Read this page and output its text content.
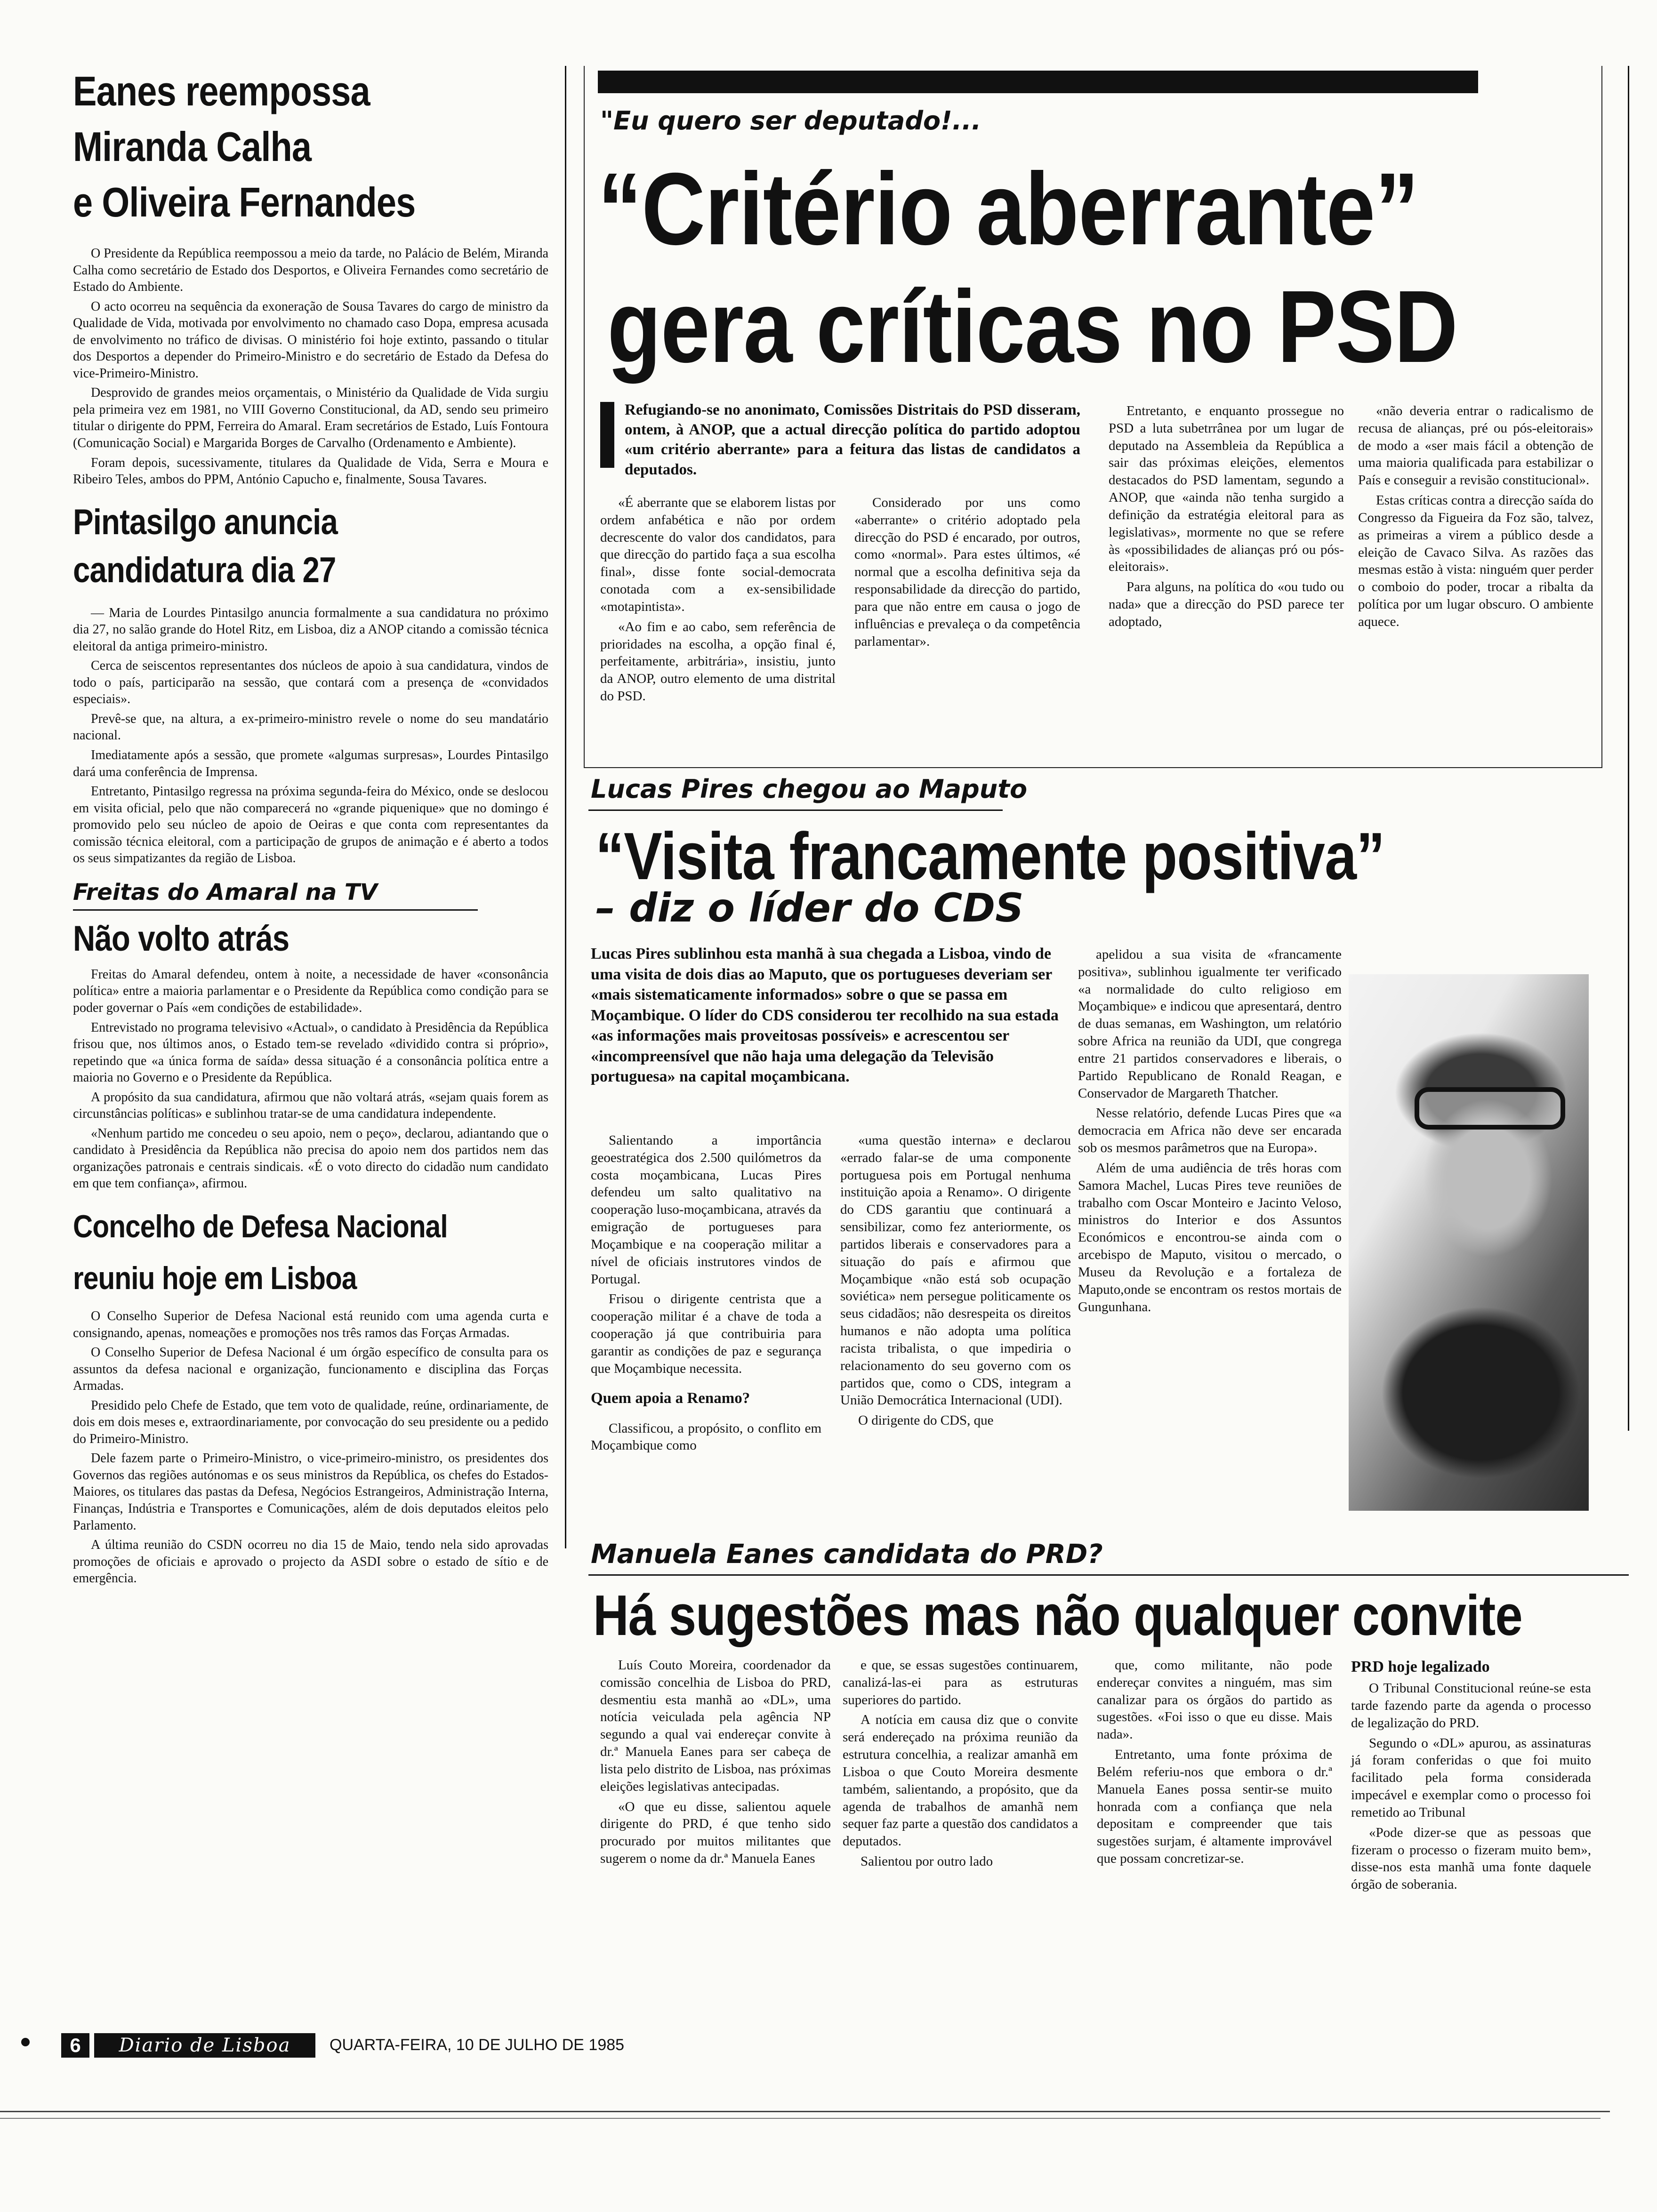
Eanes reempossa
Miranda Calha
e Oliveira Fernandes

O Presidente da República reempossou a meio da tarde, no Palácio de Belém, Miranda Calha como secretário de Estado dos Desportos, e Oliveira Fernandes como secretário de Estado do Ambiente.

O acto ocorreu na sequência da exoneração de Sousa Tavares do cargo de ministro da Qualidade de Vida, motivada por envolvimento no chamado caso Dopa, empresa acusada de envolvimento no tráfico de divisas. O ministério foi hoje extinto, passando o titular dos Desportos a depender do Primeiro-Ministro e do secretário de Estado da Defesa do vice-Primeiro-Ministro.

Desprovido de grandes meios orçamentais, o Ministério da Qualidade de Vida surgiu pela primeira vez em 1981, no VIII Governo Constitucional, da AD, sendo seu primeiro titular o dirigente do PPM, Ferreira do Amaral. Eram secretários de Estado, Luís Fontoura (Comunicação Social) e Margarida Borges de Carvalho (Ordenamento e Ambiente).

Foram depois, sucessivamente, titulares da Qualidade de Vida, Serra e Moura e Ribeiro Teles, ambos do PPM, António Capucho e, finalmente, Sousa Tavares.

Pintasilgo anuncia
candidatura dia 27

— Maria de Lourdes Pintasilgo anuncia formalmente a sua candidatura no próximo dia 27, no salão grande do Hotel Ritz, em Lisboa, diz a ANOP citando a comissão técnica eleitoral da antiga primeiro-ministro.

Cerca de seiscentos representantes dos núcleos de apoio à sua candidatura, vindos de todo o país, participarão na sessão, que contará com a presença de «convidados especiais».

Prevê-se que, na altura, a ex-primeiro-ministro revele o nome do seu mandatário nacional.

Imediatamente após a sessão, que promete «algumas surpresas», Lourdes Pintasilgo dará uma conferência de Imprensa.

Entretanto, Pintasilgo regressa na próxima segunda-feira do México, onde se deslocou em visita oficial, pelo que não comparecerá no «grande piquenique» que no domingo é promovido pelo seu núcleo de apoio de Oeiras e que conta com representantes da comissão técnica eleitoral, com a participação de grupos de animação e é aberto a todos os seus simpatizantes da região de Lisboa.

Freitas do Amaral na TV
Não volto atrás

Freitas do Amaral defendeu, ontem à noite, a necessidade de haver «consonância política» entre a maioria parlamentar e o Presidente da República como condição para se poder governar o País «em condições de estabilidade».

Entrevistado no programa televisivo «Actual», o candidato à Presidência da República frisou que, nos últimos anos, o Estado tem-se revelado «dividido contra si próprio», repetindo que «a única forma de saída» dessa situação é a consonância política entre a maioria no Governo e o Presidente da República.

A propósito da sua candidatura, afirmou que não voltará atrás, «sejam quais forem as circunstâncias políticas» e sublinhou tratar-se de uma candidatura independente.

«Nenhum partido me concedeu o seu apoio, nem o peço», declarou, adiantando que o candidato à Presidência da República não precisa do apoio nem dos partidos nem das organizações patronais e centrais sindicais. «É o voto directo do cidadão num candidato em que tem confiança», afirmou.

Concelho de Defesa Nacional
reuniu hoje em Lisboa

O Conselho Superior de Defesa Nacional está reunido com uma agenda curta e consignando, apenas, nomeações e promoções nos três ramos das Forças Armadas.

O Conselho Superior de Defesa Nacional é um órgão específico de consulta para os assuntos da defesa nacional e organização, funcionamento e disciplina das Forças Armadas.

Presidido pelo Chefe de Estado, que tem voto de qualidade, reúne, ordinariamente, de dois em dois meses e, extraordinariamente, por convocação do seu presidente ou a pedido do Primeiro-Ministro.

Dele fazem parte o Primeiro-Ministro, o vice-primeiro-ministro, os presidentes dos Governos das regiões autónomas e os seus ministros da República, os chefes do Estados-Maiores, os titulares das pastas da Defesa, Negócios Estrangeiros, Administração Interna, Finanças, Indústria e Transportes e Comunicações, além de dois deputados eleitos pelo Parlamento.

A última reunião do CSDN ocorreu no dia 15 de Maio, tendo nela sido aprovadas promoções de oficiais e aprovado o projecto da ASDI sobre o estado de sítio e de emergência.

"Eu quero ser deputado!...
“Critério aberrante”
gera críticas no PSD
Refugiando-se no anonimato, Comissões Distritais do PSD disseram, ontem, à ANOP, que a actual direcção política do partido adoptou «um critério aberrante» para a feitura das listas de candidatos a deputados.

«É aberrante que se elaborem listas por ordem anfabética e não por ordem decrescente do valor dos candidatos, para que direcção do partido faça a sua escolha final», disse fonte social-democrata conotada com a ex-sensibilidade «motapintista».

«Ao fim e ao cabo, sem referência de prioridades na escolha, a opção final é, perfeitamente, arbitrária», insistiu, junto da ANOP, outro elemento de uma distrital do PSD.

Considerado por uns como «aberrante» o critério adoptado pela direcção do PSD é encarado, por outros, como «normal». Para estes últimos, «é normal que a escolha definitiva seja da responsabilidade da direcção do partido, para que não entre em causa o jogo de influências e prevaleça o da competência parlamentar».

Entretanto, e enquanto prossegue no PSD a luta subetrrânea por um lugar de deputado na Assembleia da República a sair das próximas eleições, elementos destacados do PSD lamentam, segundo a ANOP, que «ainda não tenha surgido a definição da estratégia eleitoral para as legislativas», mormente no que se refere às «possibilidades de alianças pró ou pós-eleitorais».

Para alguns, na política do «ou tudo ou nada» que a direcção do PSD parece ter adoptado,

«não deveria entrar o radicalismo de recusa de alianças, pré ou pós-eleitorais» de modo a «ser mais fácil a obtenção de uma maioria qualificada para estabilizar o País e conseguir a revisão constitucional».

Estas críticas contra a direcção saída do Congresso da Figueira da Foz são, talvez, as primeiras a virem a público desde a eleição de Cavaco Silva. As razões das mesmas estão à vista: ninguém quer perder o comboio do poder, trocar a ribalta da política por um lugar obscuro. O ambiente aquece.

Lucas Pires chegou ao Maputo
“Visita francamente positiva”
– diz o líder do CDS
Lucas Pires sublinhou esta manhã à sua chegada a Lisboa, vindo de uma visita de dois dias ao Maputo, que os portugueses deveriam ser «mais sistematicamente informados» sobre o que se passa em Moçambique. O líder do CDS considerou ter recolhido na sua estada «as informações mais proveitosas possíveis» e acrescentou ser «incompreensível que não haja uma delegação da Televisão portuguesa» na capital moçambicana.

Salientando a importância geoestratégica dos 2.500 quilómetros da costa moçambicana, Lucas Pires defendeu um salto qualitativo na cooperação luso-moçambicana, através da emigração de portugueses para Moçambique e na cooperação militar a nível de oficiais instrutores vindos de Portugal.

Frisou o dirigente centrista que a cooperação militar é a chave de toda a cooperação já que contribuiria para garantir as condições de paz e segurança que Moçambique necessita.

Quem apoia a Renamo?

Classificou, a propósito, o conflito em Moçambique como

«uma questão interna» e declarou «errado falar-se de uma componente portuguesa pois em Portugal nenhuma instituição apoia a Renamo». O dirigente do CDS garantiu que continuará a sensibilizar, como fez anteriormente, os partidos liberais e conservadores para a situação do país e afirmou que Moçambique «não está sob ocupação soviética» nem persegue politicamente os seus cidadãos; não desrespeita os direitos humanos e não adopta uma política racista tribalista, o que impediria o relacionamento do seu governo com os partidos que, como o CDS, integram a União Democrática Internacional (UDI).

O dirigente do CDS, que

apelidou a sua visita de «francamente positiva», sublinhou igualmente ter verificado «a normalidade do culto religioso em Moçambique» e indicou que apresentará, dentro de duas semanas, em Washington, um relatório sobre Africa na reunião da UDI, que congrega entre 21 partidos conservadores e liberais, o Partido Republicano de Ronald Reagan, e Conservador de Margareth Thatcher.

Nesse relatório, defende Lucas Pires que «a democracia em Africa não deve ser encarada sob os mesmos parâmetros que na Europa».

Além de uma audiência de três horas com Samora Machel, Lucas Pires teve reuniões de trabalho com Oscar Monteiro e Jacinto Veloso, ministros do Interior e dos Assuntos Económicos e encontrou-se ainda com o arcebispo de Maputo, visitou o mercado, o Museu da Revolução e a fortaleza de Maputo,onde se encontram os restos mortais de Gungunhana.

Manuela Eanes candidata do PRD?
Há sugestões mas não qualquer convite

Luís Couto Moreira, coordenador da comissão concelhia de Lisboa do PRD, desmentiu esta manhã ao «DL», uma notícia veiculada pela agência NP segundo a qual vai endereçar convite à dr.ª Manuela Eanes para ser cabeça de lista pelo distrito de Lisboa, nas próximas eleições legislativas antecipadas.

«O que eu disse, salientou aquele dirigente do PRD, é que tenho sido procurado por muitos militantes que sugerem o nome da dr.ª Manuela Eanes

e que, se essas sugestões continuarem, canalizá-las-ei para as estruturas superiores do partido.

A notícia em causa diz que o convite será endereçado na próxima reunião da estrutura concelhia, a realizar amanhã em Lisboa o que Couto Moreira desmente também, salientando, a propósito, que da agenda de trabalhos de amanhã nem sequer faz parte a questão dos candidatos a deputados.

Salientou por outro lado

que, como militante, não pode endereçar convites a ninguém, mas sim canalizar para os órgãos do partido as sugestões. «Foi isso o que eu disse. Mais nada».

Entretanto, uma fonte próxima de Belém referiu-nos que embora o dr.ª Manuela Eanes possa sentir-se muito honrada com a confiança que nela depositam e compreender que tais sugestões surjam, é altamente improvável que possam concretizar-se.

PRD hoje legalizado

O Tribunal Constitucional reúne-se esta tarde fazendo parte da agenda o processo de legalização do PRD.

Segundo o «DL» apurou, as assinaturas já foram conferidas o que foi muito facilitado pela forma considerada impecável e exemplar como o processo foi remetido ao Tribunal

«Pode dizer-se que as pessoas que fizeram o processo o fizeram muito bem», disse-nos esta manhã uma fonte daquele órgão de soberania.

6	Diario de Lisboa	QUARTA-FEIRA, 10 DE JULHO DE 1985
